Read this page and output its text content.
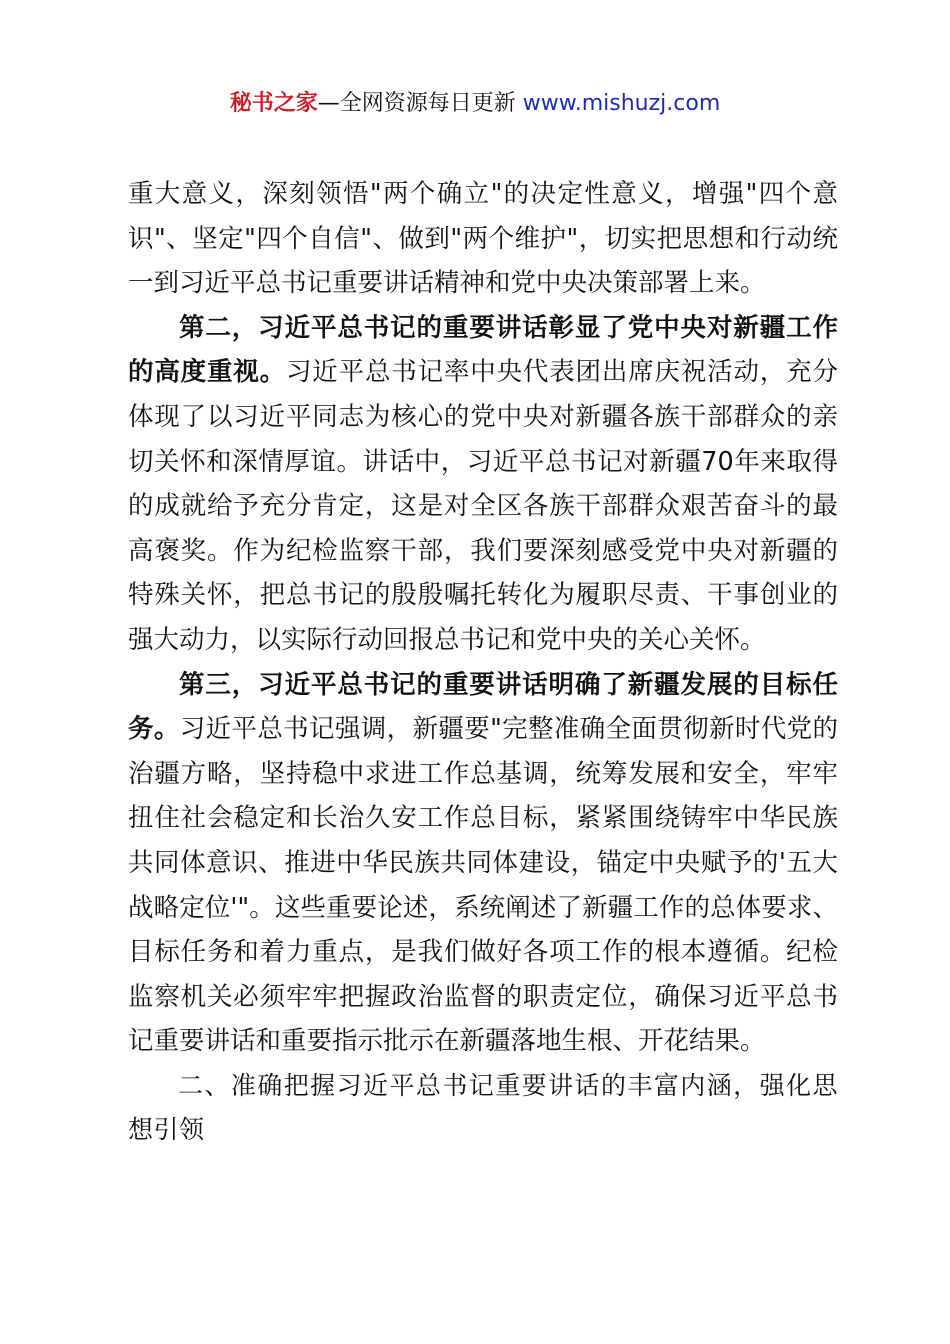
秘书之家—全网资源每日更新 www.mishuzj.com

重大意义，深刻领悟"两个确立"的决定性意义，增强"四个意识"、坚定"四个自信"、做到"两个维护"，切实把思想和行动统一到习近平总书记重要讲话精神和党中央决策部署上来。

第二，习近平总书记的重要讲话彰显了党中央对新疆工作的高度重视。习近平总书记率中央代表团出席庆祝活动，充分体现了以习近平同志为核心的党中央对新疆各族干部群众的亲切关怀和深情厚谊。讲话中，习近平总书记对新疆70年来取得的成就给予充分肯定，这是对全区各族干部群众艰苦奋斗的最高褒奖。作为纪检监察干部，我们要深刻感受党中央对新疆的特殊关怀，把总书记的殷殷嘱托转化为履职尽责、干事创业的强大动力，以实际行动回报总书记和党中央的关心关怀。

第三，习近平总书记的重要讲话明确了新疆发展的目标任务。习近平总书记强调，新疆要"完整准确全面贯彻新时代党的治疆方略，坚持稳中求进工作总基调，统筹发展和安全，牢牢扭住社会稳定和长治久安工作总目标，紧紧围绕铸牢中华民族共同体意识、推进中华民族共同体建设，锚定中央赋予的'五大战略定位'"。这些重要论述，系统阐述了新疆工作的总体要求、目标任务和着力重点，是我们做好各项工作的根本遵循。纪检监察机关必须牢牢把握政治监督的职责定位，确保习近平总书记重要讲话和重要指示批示在新疆落地生根、开花结果。

二、准确把握习近平总书记重要讲话的丰富内涵，强化思想引领
